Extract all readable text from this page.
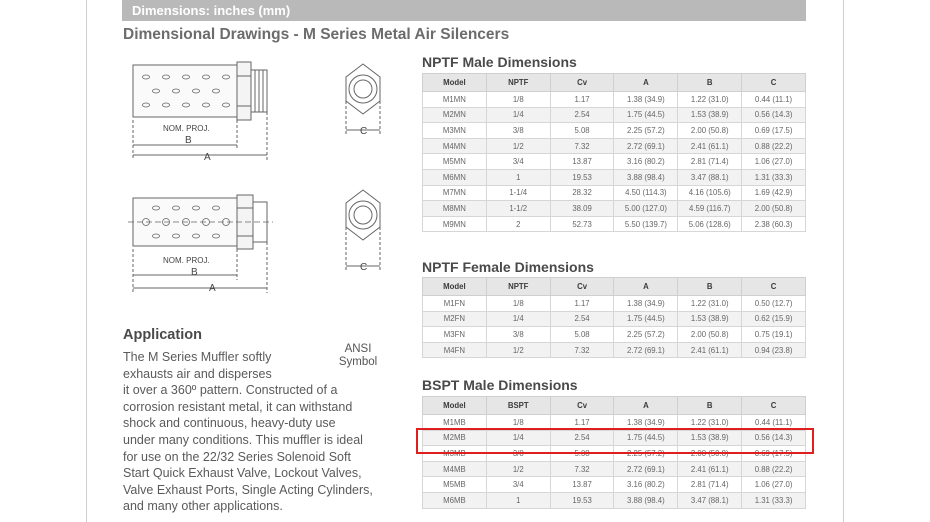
Dimensions: inches (mm)
Dimensional Drawings - M Series Metal Air Silencers
NOM. PROJ.
B
A
C
NOM. PROJ.
B
A
C
ANSI
Symbol
Application
The M Series Muffler softly
exhausts air and disperses
it over a 360º pattern. Constructed of a
corrosion resistant metal, it can withstand
shock and continuous, heavy-duty use
under many conditions. This muffler is ideal
for use on the 22/32 Series Solenoid Soft
Start Quick Exhaust Valve, Lockout Valves,
Valve Exhaust Ports, Single Acting Cylinders,
and many other applications.
NPTF Male Dimensions
Model	NPTF	Cv	A	B	C
M1MN	1/8	1.17	1.38 (34.9)	1.22 (31.0)	0.44 (11.1)
M2MN	1/4	2.54	1.75 (44.5)	1.53 (38.9)	0.56 (14.3)
M3MN	3/8	5.08	2.25 (57.2)	2.00 (50.8)	0.69 (17.5)
M4MN	1/2	7.32	2.72 (69.1)	2.41 (61.1)	0.88 (22.2)
M5MN	3/4	13.87	3.16 (80.2)	2.81 (71.4)	1.06 (27.0)
M6MN	1	19.53	3.88 (98.4)	3.47 (88.1)	1.31 (33.3)
M7MN	1-1/4	28.32	4.50 (114.3)	4.16 (105.6)	1.69 (42.9)
M8MN	1-1/2	38.09	5.00 (127.0)	4.59 (116.7)	2.00 (50.8)
M9MN	2	52.73	5.50 (139.7)	5.06 (128.6)	2.38 (60.3)
NPTF Female Dimensions
Model	NPTF	Cv	A	B	C
M1FN	1/8	1.17	1.38 (34.9)	1.22 (31.0)	0.50 (12.7)
M2FN	1/4	2.54	1.75 (44.5)	1.53 (38.9)	0.62 (15.9)
M3FN	3/8	5.08	2.25 (57.2)	2.00 (50.8)	0.75 (19.1)
M4FN	1/2	7.32	2.72 (69.1)	2.41 (61.1)	0.94 (23.8)
BSPT Male Dimensions
Model	BSPT	Cv	A	B	C
M1MB	1/8	1.17	1.38 (34.9)	1.22 (31.0)	0.44 (11.1)
M2MB	1/4	2.54	1.75 (44.5)	1.53 (38.9)	0.56 (14.3)
M3MB	3/8	5.08	2.25 (57.2)	2.00 (50.8)	0.69 (17.5)
M4MB	1/2	7.32	2.72 (69.1)	2.41 (61.1)	0.88 (22.2)
M5MB	3/4	13.87	3.16 (80.2)	2.81 (71.4)	1.06 (27.0)
M6MB	1	19.53	3.88 (98.4)	3.47 (88.1)	1.31 (33.3)
